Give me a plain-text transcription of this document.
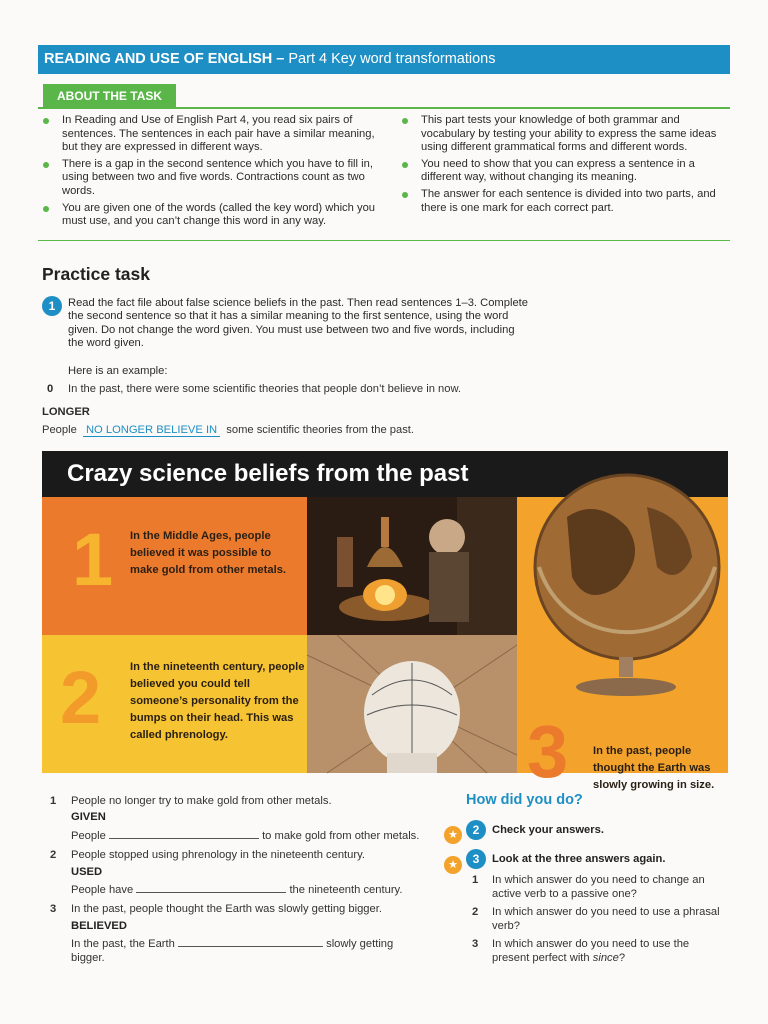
READING AND USE OF ENGLISH – Part 4 Key word transformations
ABOUT THE TASK
In Reading and Use of English Part 4, you read six pairs of sentences. The sentences in each pair have a similar meaning, but they are expressed in different ways.
There is a gap in the second sentence which you have to fill in, using between two and five words. Contractions count as two words.
You are given one of the words (called the key word) which you must use, and you can’t change this word in any way.
This part tests your knowledge of both grammar and vocabulary by testing your ability to express the same ideas using different grammatical forms and different words.
You need to show that you can express a sentence in a different way, without changing its meaning.
The answer for each sentence is divided into two parts, and there is one mark for each correct part.
Practice task
1	Read the fact file about false science beliefs in the past. Then read sentences 1–3. Complete the second sentence so that it has a similar meaning to the first sentence, using the word given. Do not change the word given. You must use between two and five words, including the word given.
Here is an example:
0 In the past, there were some scientific theories that people don’t believe in now.
LONGER
People NO LONGER BELIEVE IN some scientific theories from the past.
Crazy science beliefs from the past
1 In the Middle Ages, people believed it was possible to make gold from other metals.
2	In the nineteenth century, people believed you could tell someone’s personality from the bumps on their head. This was called phrenology.	3 In the past, people thought the Earth was slowly growing in size.
1 People no longer try to make gold from other metals.
GIVEN
People	to make gold from other metals.
2 People stopped using phrenology in the nineteenth century.
USED
People have	the nineteenth century.
3 In the past, people thought the Earth was slowly getting bigger.
BELIEVED
In the past, the Earth	slowly getting
bigger.
How did you do?
★	2	Check your answers.
★	3	Look at the three answers again.
1 In which answer do you need to change an active verb to a passive one?
2 In which answer do you need to use a phrasal verb?
3 In which answer do you need to use the present perfect with since?
